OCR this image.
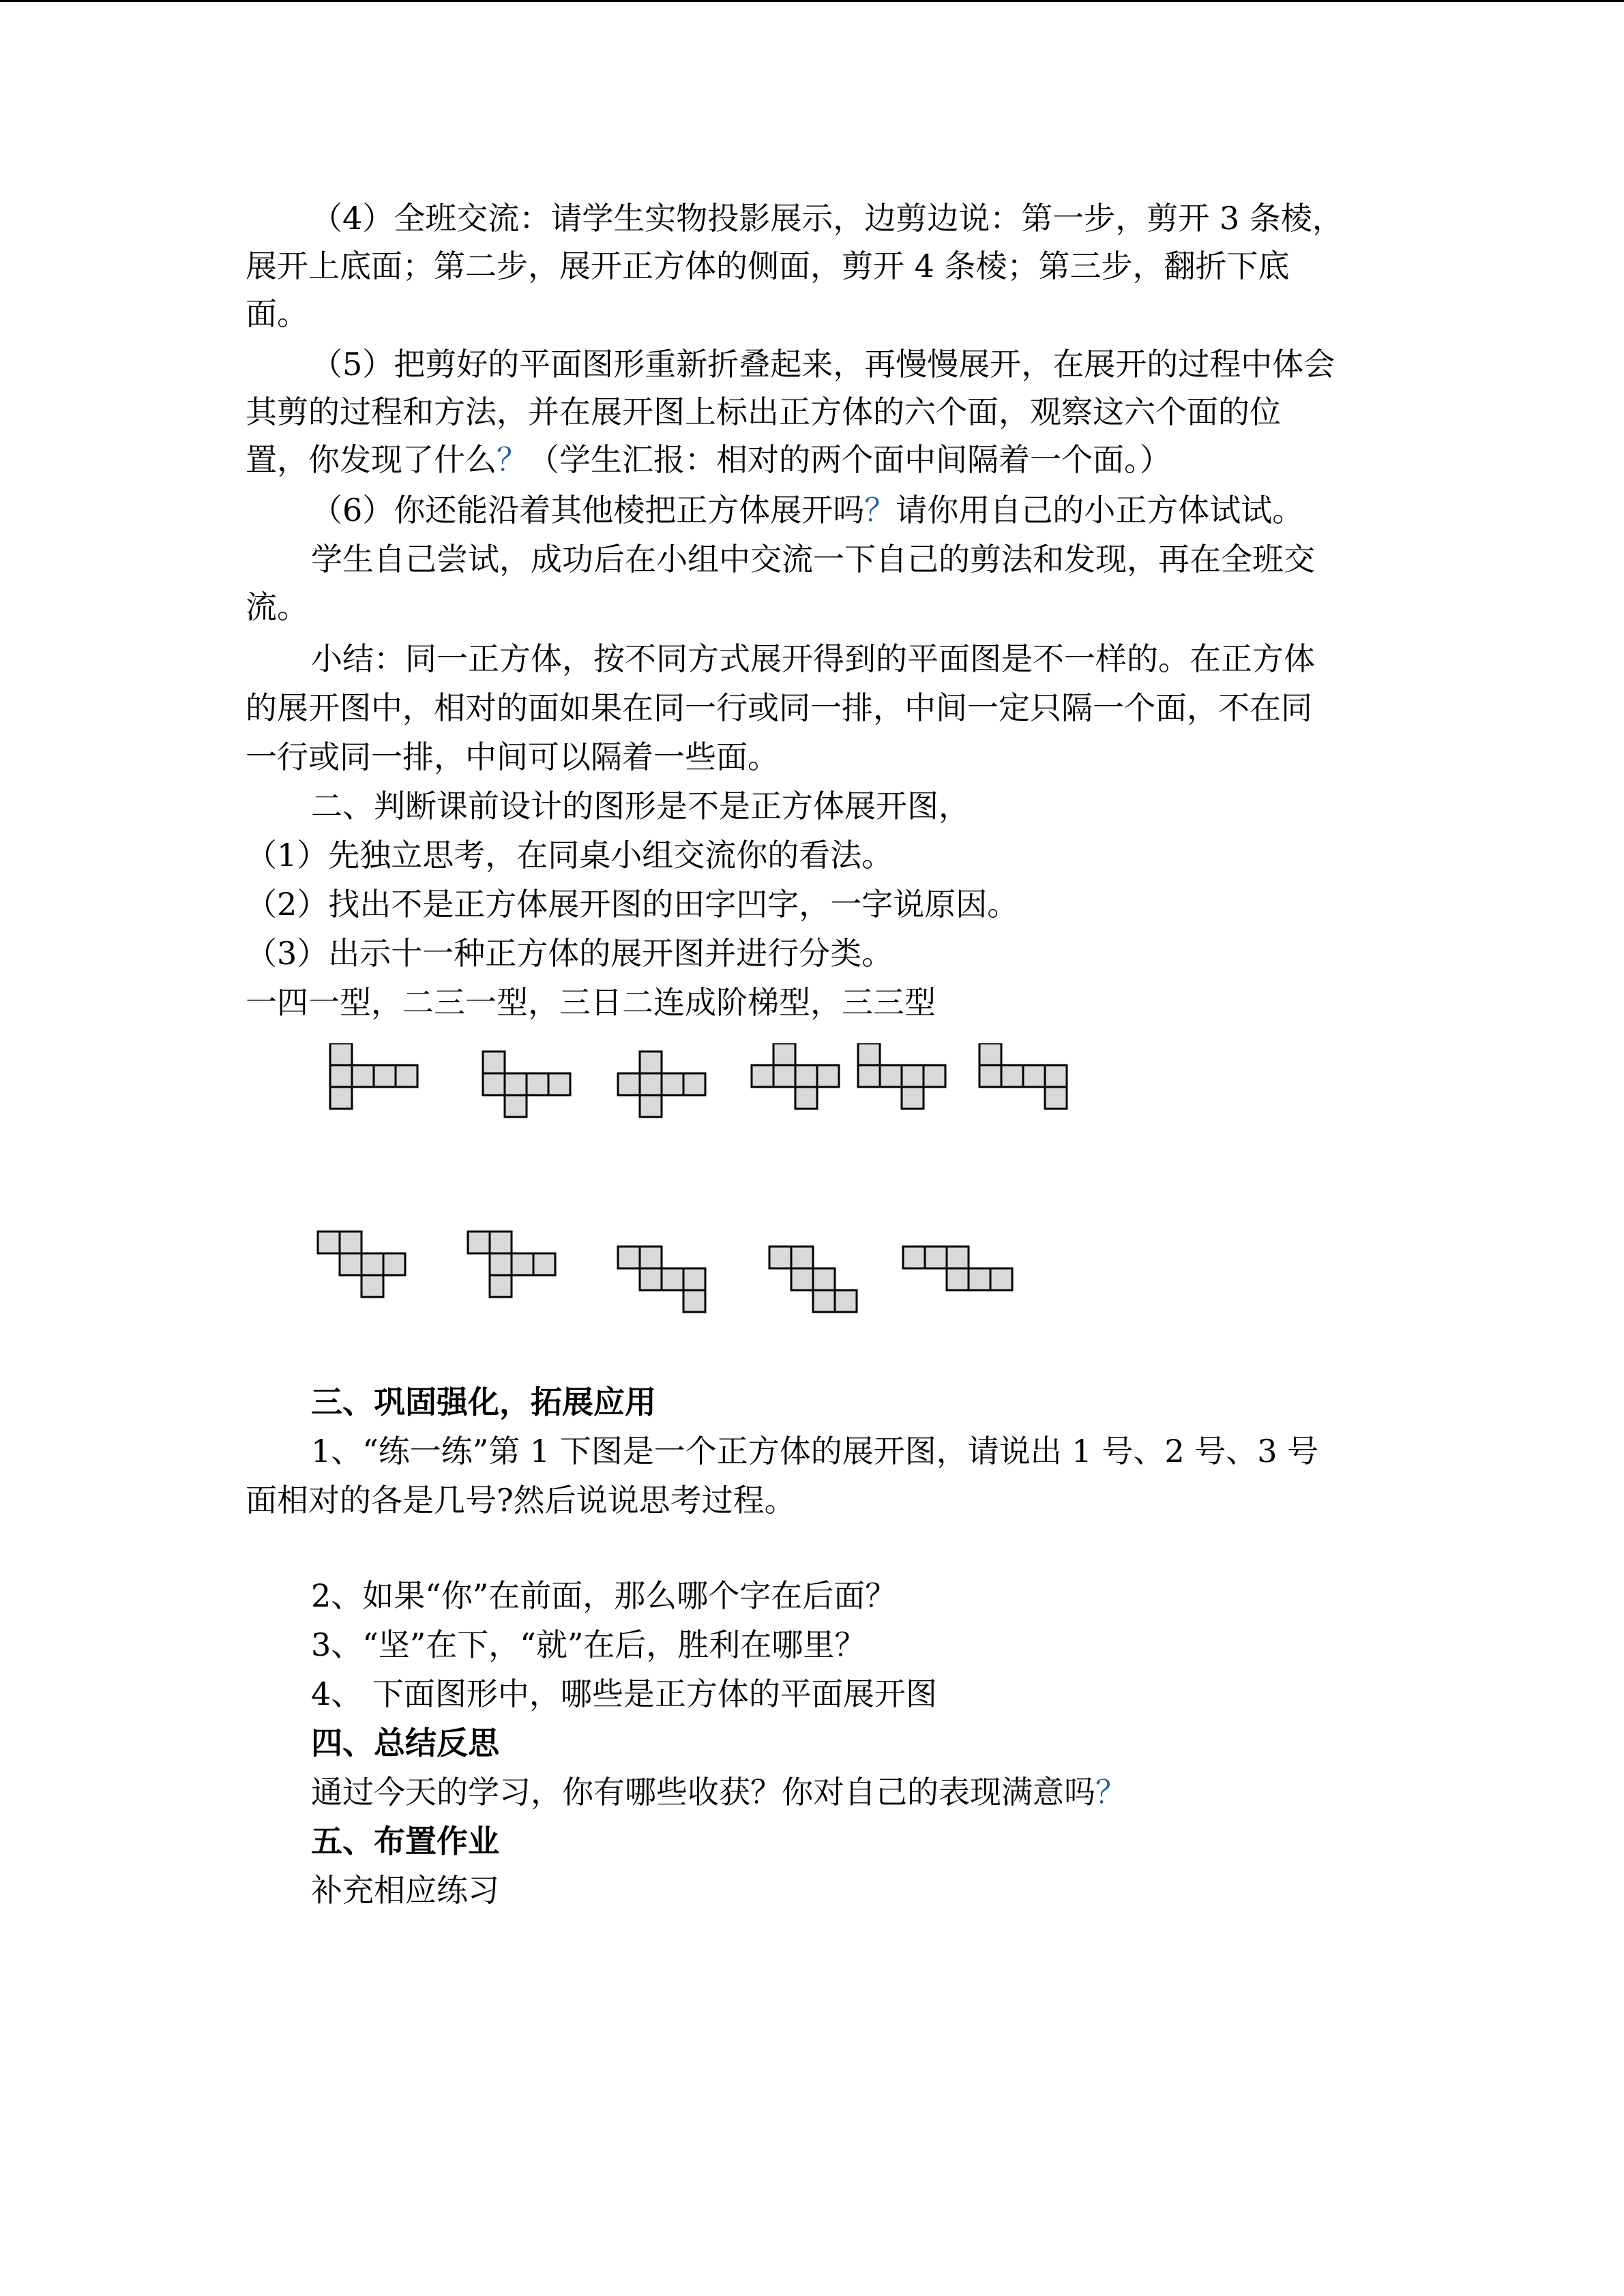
（4）全班交流：请学生实物投影展示，边剪边说：第一步，剪开 3 条棱，
展开上底面；第二步，展开正方体的侧面，剪开 4 条棱；第三步，翻折下底
面。
（5）把剪好的平面图形重新折叠起来，再慢慢展开，在展开的过程中体会
其剪的过程和方法，并在展开图上标出正方体的六个面，观察这六个面的位
置，你发现了什么？（学生汇报：相对的两个面中间隔着一个面。）
（6）你还能沿着其他棱把正方体展开吗？请你用自己的小正方体试试。
学生自己尝试，成功后在小组中交流一下自己的剪法和发现，再在全班交
流。
小结：同一正方体，按不同方式展开得到的平面图是不一样的。在正方体
的展开图中，相对的面如果在同一行或同一排，中间一定只隔一个面，不在同
一行或同一排，中间可以隔着一些面。
二、判断课前设计的图形是不是正方体展开图，
（1）先独立思考，在同桌小组交流你的看法。
（2）找出不是正方体展开图的田字凹字，一字说原因。
（3）出示十一种正方体的展开图并进行分类。
一四一型，二三一型，三日二连成阶梯型，三三型
三、巩固强化，拓展应用
1、“练一练”第 1 下图是一个正方体的展开图，请说出 1 号、2 号、3 号
面相对的各是几号?然后说说思考过程。
2、如果“你”在前面，那么哪个字在后面？
3、“坚”在下，“就”在后，胜利在哪里？
4、 下面图形中，哪些是正方体的平面展开图
四、总结反思
通过今天的学习，你有哪些收获？你对自己的表现满意吗？
五、布置作业
补充相应练习
